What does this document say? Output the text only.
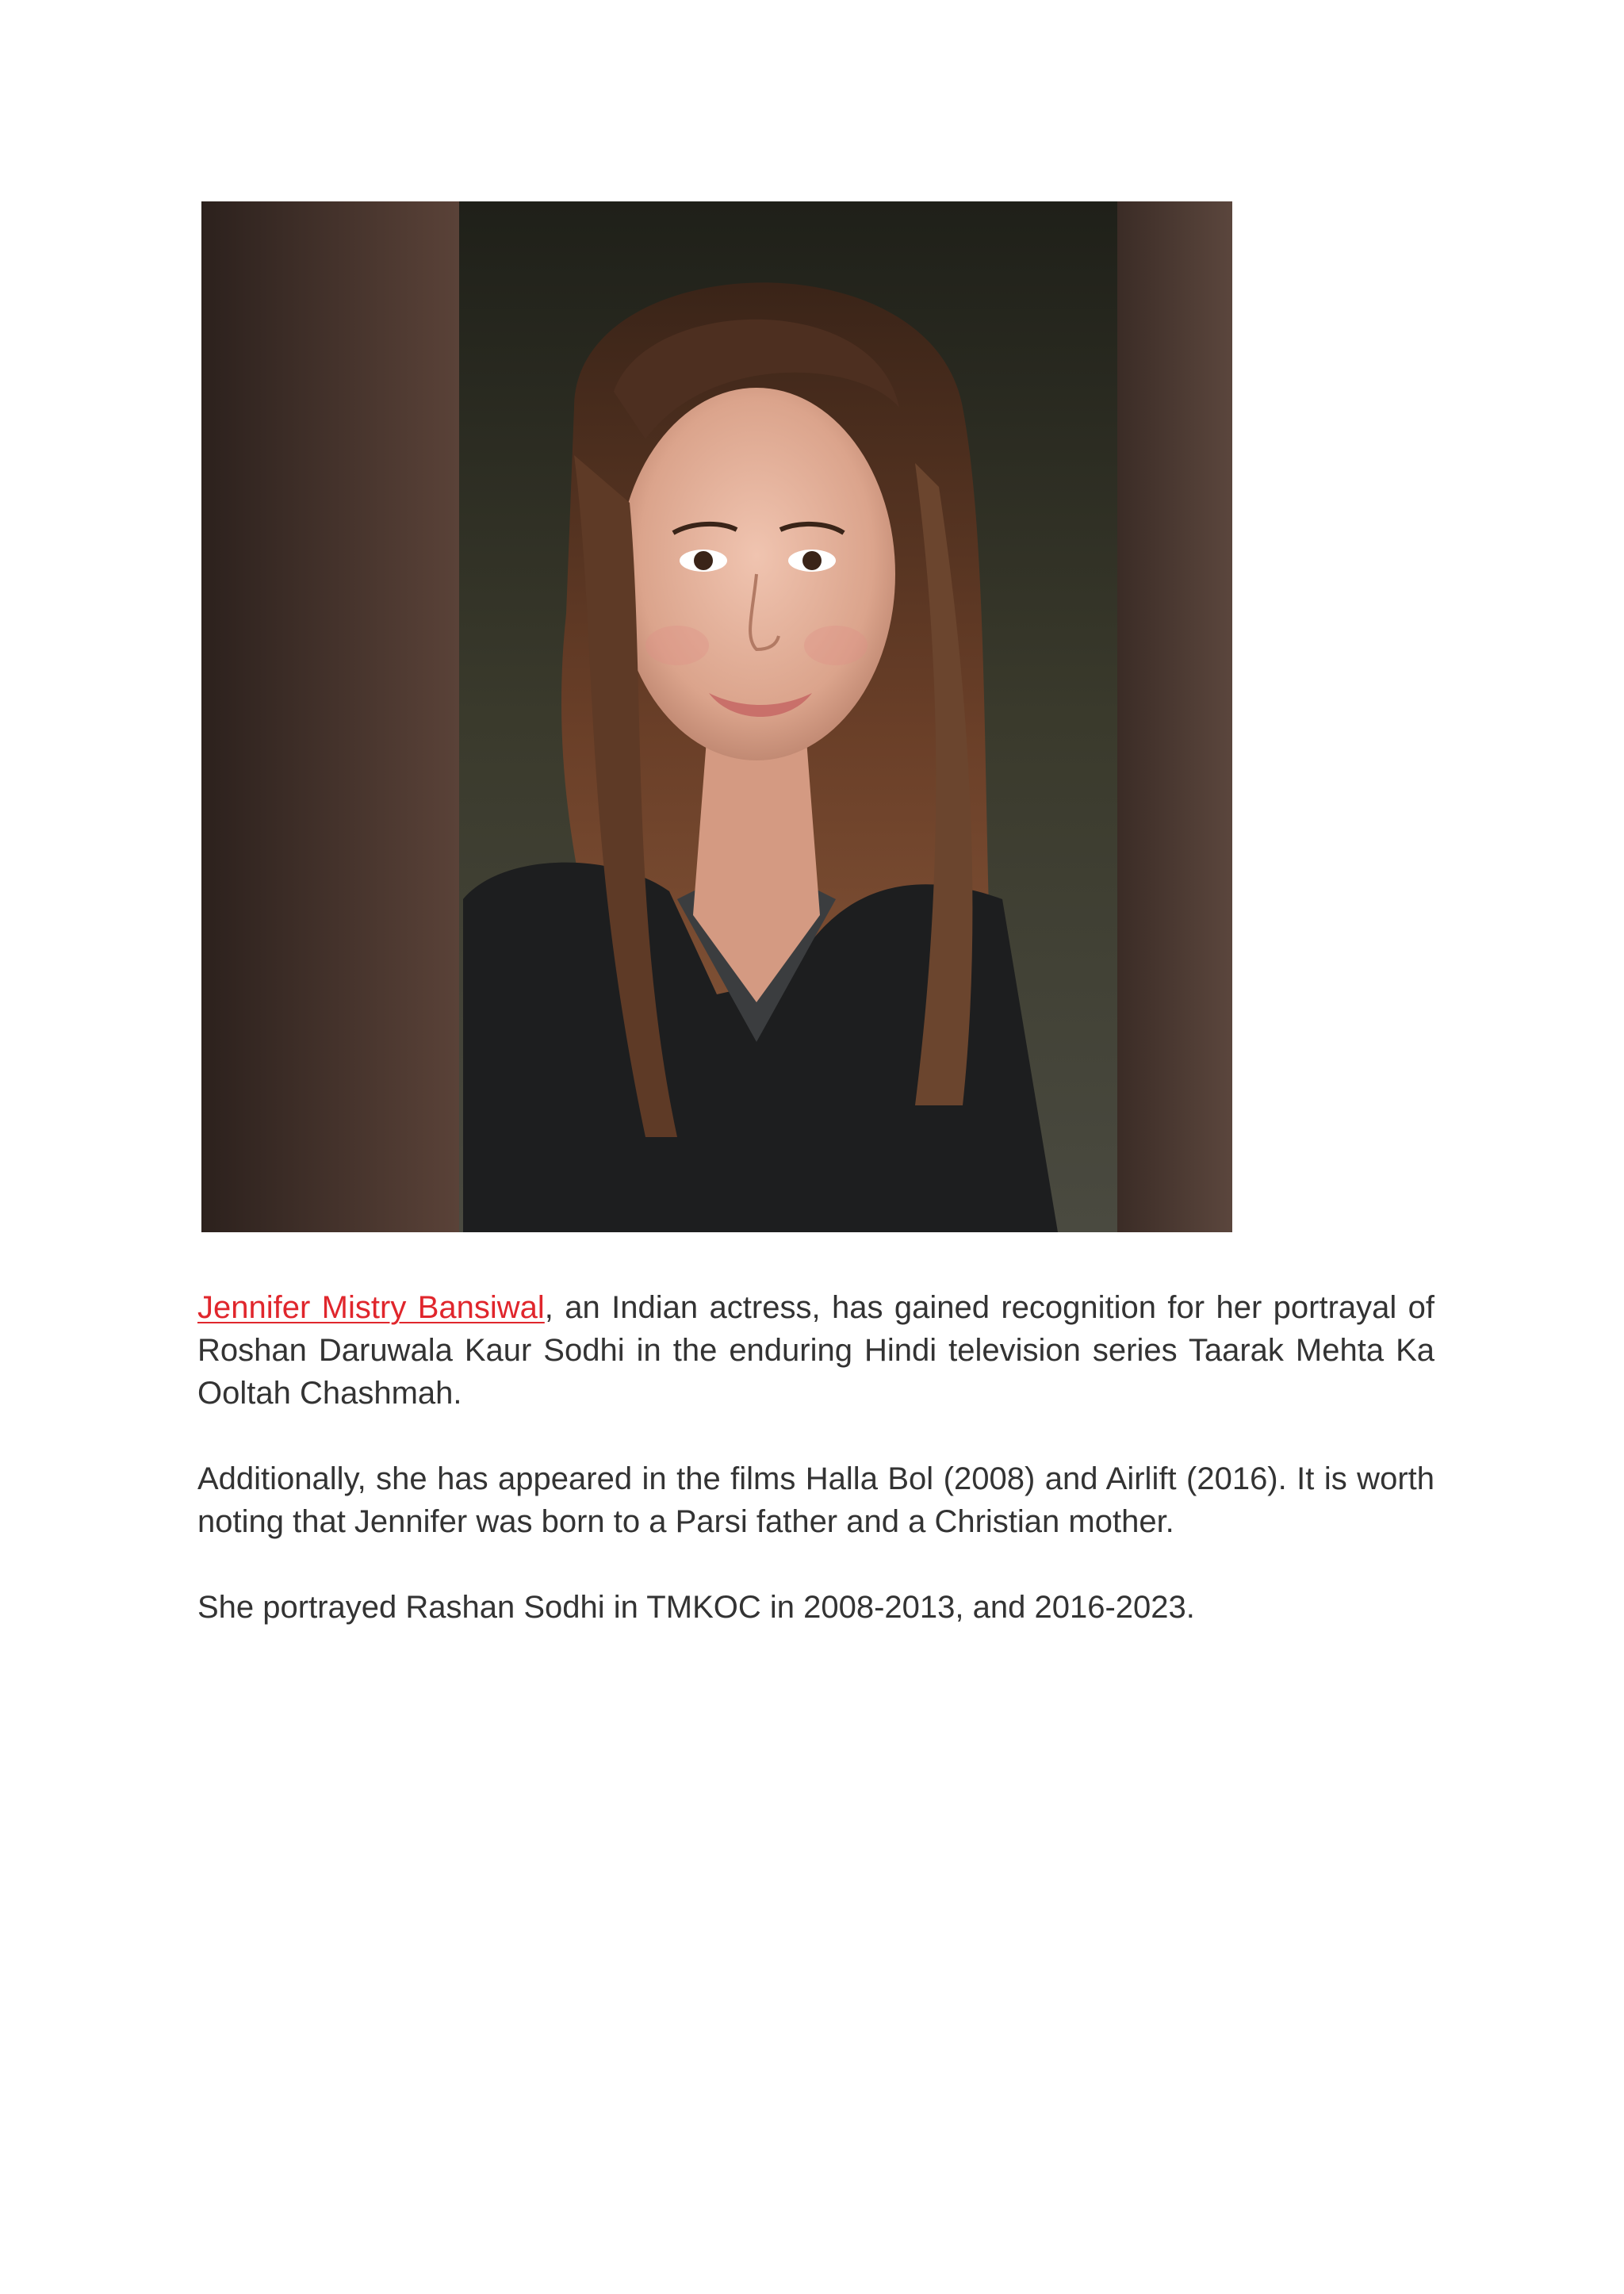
Jennifer Mistry Bansiwal, an Indian actress, has gained recognition for her portrayal of Roshan Daruwala Kaur Sodhi in the enduring Hindi television series Taarak Mehta Ka Ooltah Chashmah.

Additionally, she has appeared in the films Halla Bol (2008) and Airlift (2016). It is worth noting that Jennifer was born to a Parsi father and a Christian mother.

She portrayed Rashan Sodhi in TMKOC in 2008-2013, and 2016-2023.
